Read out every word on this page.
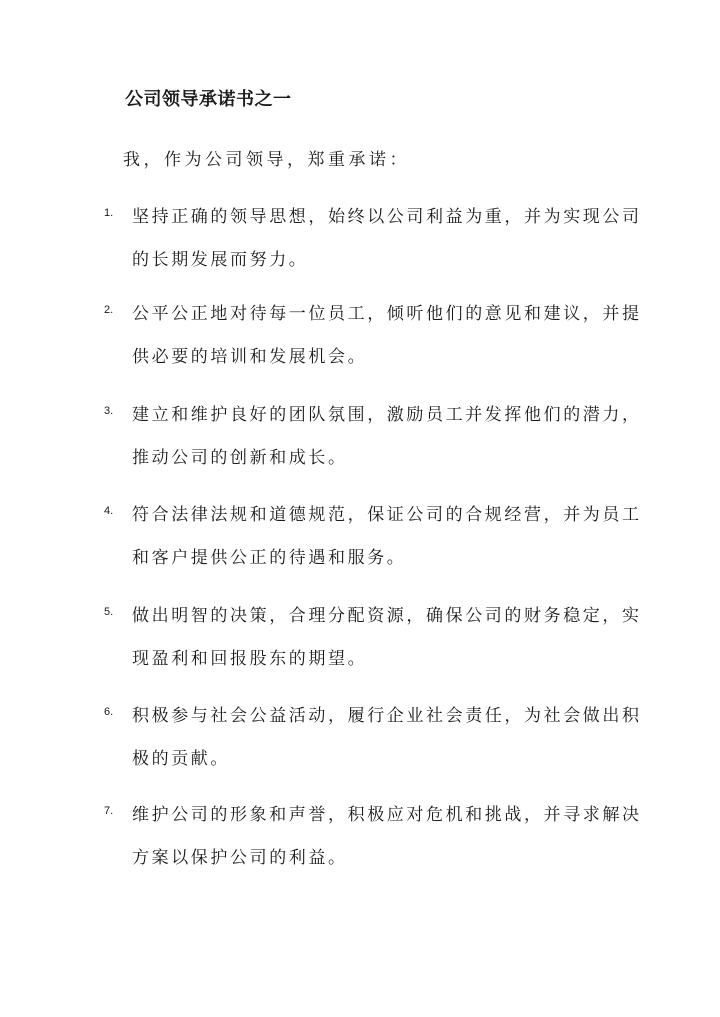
公司领导承诺书之一
我，作为公司领导，郑重承诺：
1. 坚持正确的领导思想，始终以公司利益为重，并为实现公司
的长期发展而努力。
2. 公平公正地对待每一位员工，倾听他们的意见和建议，并提
供必要的培训和发展机会。
3. 建立和维护良好的团队氛围，激励员工并发挥他们的潜力，
推动公司的创新和成长。
4. 符合法律法规和道德规范，保证公司的合规经营，并为员工
和客户提供公正的待遇和服务。
5. 做出明智的决策，合理分配资源，确保公司的财务稳定，实
现盈利和回报股东的期望。
6. 积极参与社会公益活动，履行企业社会责任，为社会做出积
极的贡献。
7. 维护公司的形象和声誉，积极应对危机和挑战，并寻求解决
方案以保护公司的利益。
